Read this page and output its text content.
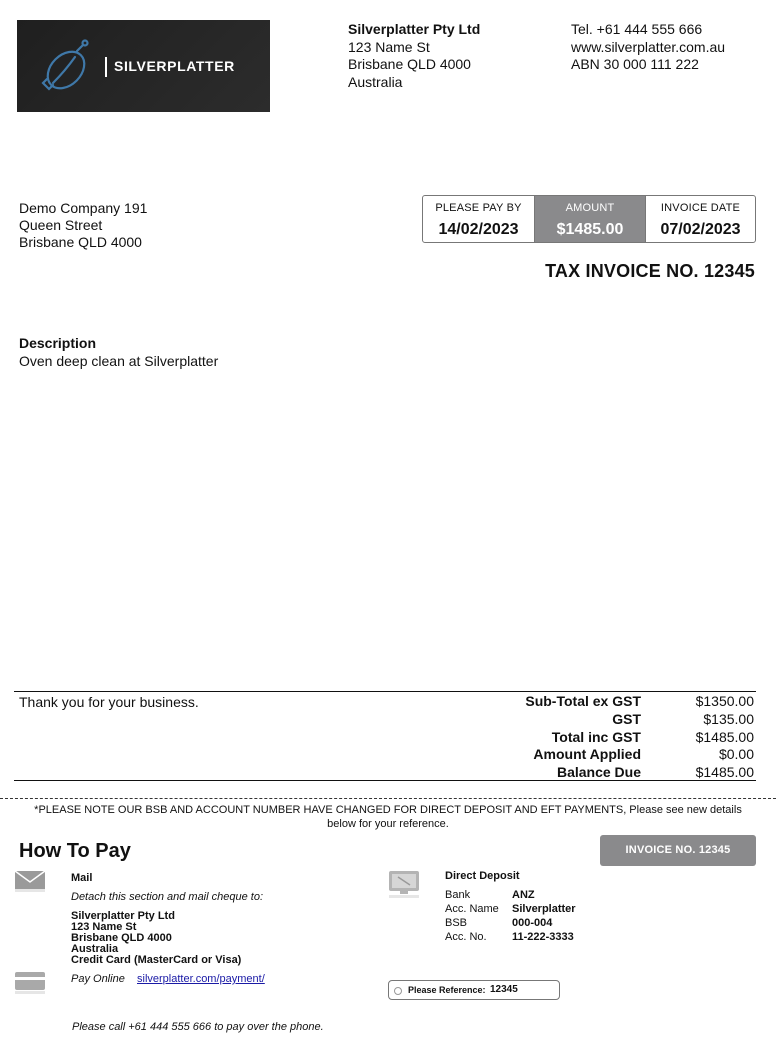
SILVERPLATTER
Silverplatter Pty Ltd
123 Name St
Brisbane QLD 4000
Australia
Tel. +61 444 555 666
www.silverplatter.com.au
ABN 30 000 111 222
Demo Company 191
Queen Street
Brisbane QLD 4000
PLEASE PAY BY
14/02/2023
AMOUNT
$1485.00
INVOICE DATE
07/02/2023
TAX INVOICE NO. 12345
Description
Oven deep clean at Silverplatter
Thank you for your business.	Sub-Total ex GST	$1350.00
GST	$135.00
Total inc GST	$1485.00
Amount Applied	$0.00
Balance Due	$1485.00
*PLEASE NOTE OUR BSB AND ACCOUNT NUMBER HAVE CHANGED FOR DIRECT DEPOSIT AND EFT PAYMENTS, Please see new details
below for your reference.
How To Pay	INVOICE NO. 12345
Mail
Detach this section and mail cheque to:
Silverplatter Pty Ltd
123 Name St
Brisbane QLD 4000
Australia
Credit Card (MasterCard or Visa)
Pay Online silverplatter.com/payment/
Please call +61 444 555 666 to pay over the phone.
Direct Deposit
Bank	ANZ
Acc. Name	Silverplatter
BSB	000-004
Acc. No.	11-222-3333
Please Reference: 12345
